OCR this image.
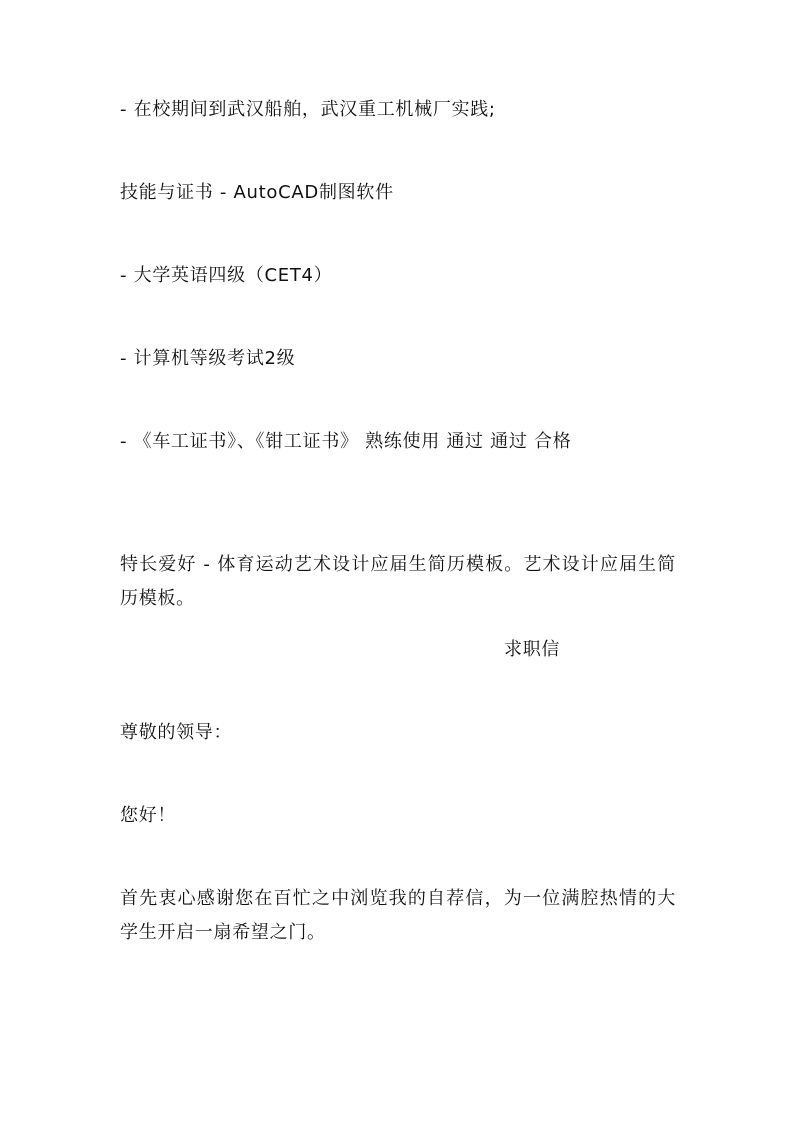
- 在校期间到武汉船舶，武汉重工机械厂实践;
技能与证书 - AutoCAD制图软件
- 大学英语四级（CET4）
- 计算机等级考试2级
- 《车工证书》、《钳工证书》 熟练使用 通过 通过 合格
特长爱好 - 体育运动艺术设计应届生简历模板。艺术设计应届生简历模板。
求职信
尊敬的领导：
您好！
首先衷心感谢您在百忙之中浏览我的自荐信，为一位满腔热情的大学生开启一扇希望之门。
